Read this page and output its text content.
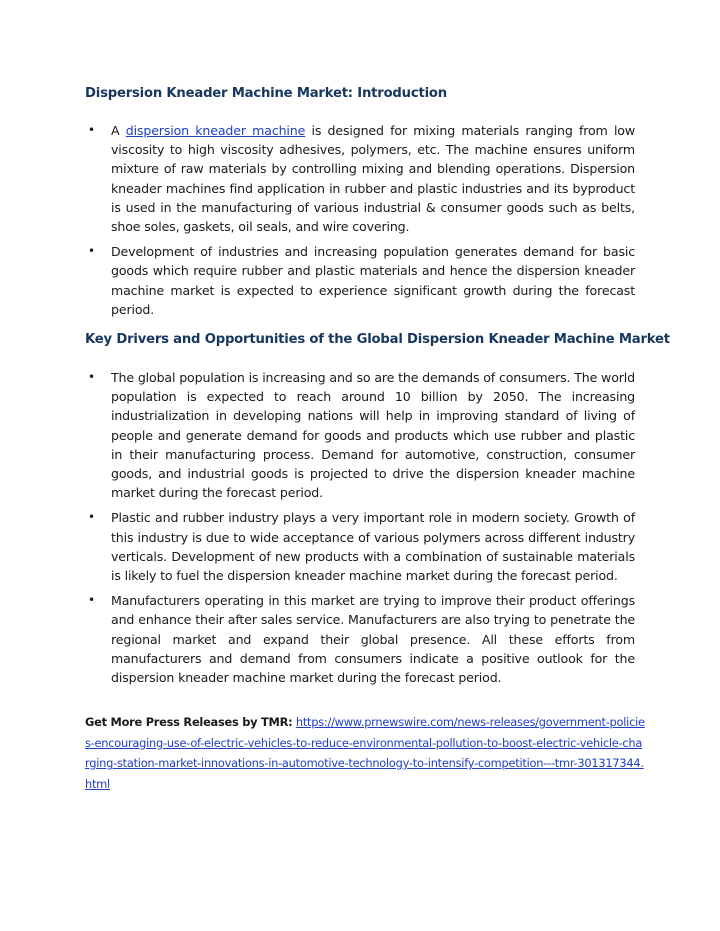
Dispersion Kneader Machine Market: Introduction
• A dispersion kneader machine is designed for mixing materials ranging from low viscosity to high viscosity adhesives, polymers, etc. The machine ensures uniform mixture of raw materials by controlling mixing and blending operations. Dispersion kneader machines find application in rubber and plastic industries and its byproduct is used in the manufacturing of various industrial & consumer goods such as belts, shoe soles, gaskets, oil seals, and wire covering.
• Development of industries and increasing population generates demand for basic goods which require rubber and plastic materials and hence the dispersion kneader machine market is expected to experience significant growth during the forecast period.
Key Drivers and Opportunities of the Global Dispersion Kneader Machine Market
• The global population is increasing and so are the demands of consumers. The world population is expected to reach around 10 billion by 2050. The increasing industrialization in developing nations will help in improving standard of living of people and generate demand for goods and products which use rubber and plastic in their manufacturing process. Demand for automotive, construction, consumer goods, and industrial goods is projected to drive the dispersion kneader machine market during the forecast period.
• Plastic and rubber industry plays a very important role in modern society. Growth of this industry is due to wide acceptance of various polymers across different industry verticals. Development of new products with a combination of sustainable materials is likely to fuel the dispersion kneader machine market during the forecast period.
• Manufacturers operating in this market are trying to improve their product offerings and enhance their after sales service. Manufacturers are also trying to penetrate the regional market and expand their global presence. All these efforts from manufacturers and demand from consumers indicate a positive outlook for the dispersion kneader machine market during the forecast period.
Get More Press Releases by TMR: https://www.prnewswire.com/news-releases/government-policies-encouraging-use-of-electric-vehicles-to-reduce-environmental-pollution-to-boost-electric-vehicle-charging-station-market-innovations-in-automotive-technology-to-intensify-competition---tmr-301317344.html
